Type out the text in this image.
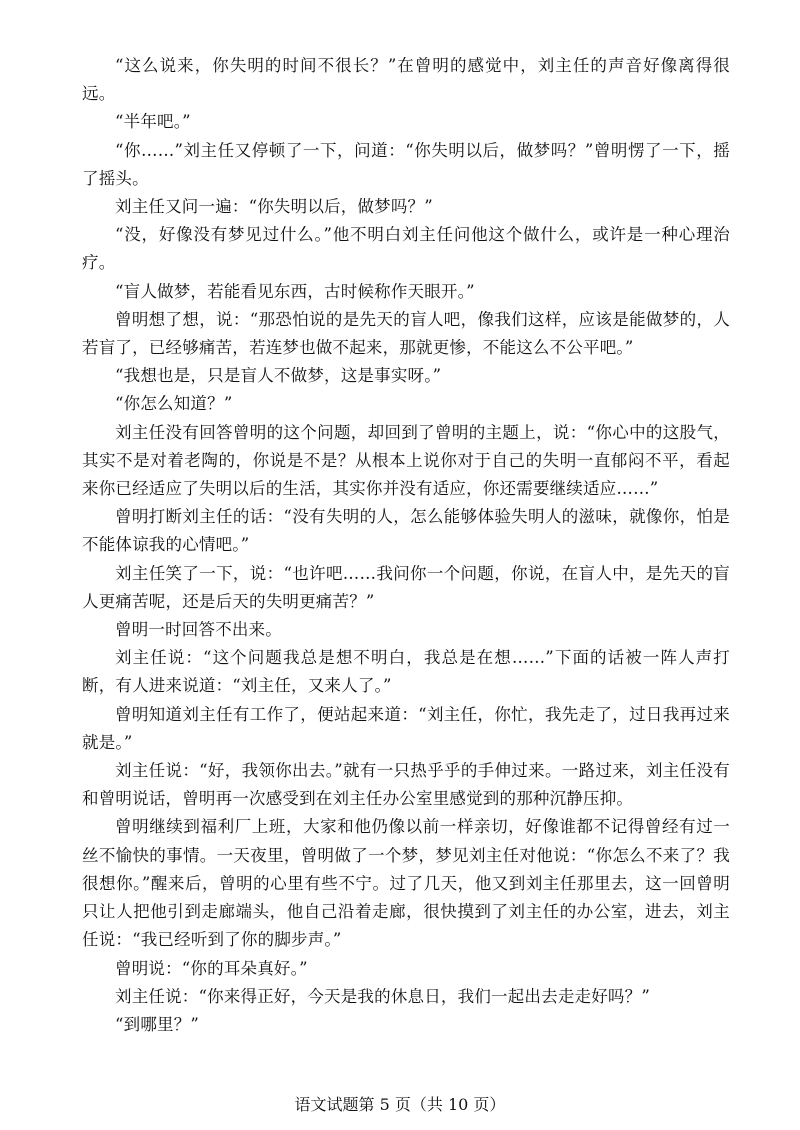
“这么说来，你失明的时间不很长？”在曾明的感觉中，刘主任的声音好像离得很远。

“半年吧。”

“你……”刘主任又停顿了一下，问道：“你失明以后，做梦吗？”曾明愣了一下，摇了摇头。

刘主任又问一遍：“你失明以后，做梦吗？”

“没，好像没有梦见过什么。”他不明白刘主任问他这个做什么，或许是一种心理治疗。

“盲人做梦，若能看见东西，古时候称作天眼开。”

曾明想了想，说：“那恐怕说的是先天的盲人吧，像我们这样，应该是能做梦的，人若盲了，已经够痛苦，若连梦也做不起来，那就更惨，不能这么不公平吧。”

“我想也是，只是盲人不做梦，这是事实呀。”

“你怎么知道？”

刘主任没有回答曾明的这个问题，却回到了曾明的主题上，说：“你心中的这股气，其实不是对着老陶的，你说是不是？从根本上说你对于自己的失明一直郁闷不平，看起来你已经适应了失明以后的生活，其实你并没有适应，你还需要继续适应……”

曾明打断刘主任的话：“没有失明的人，怎么能够体验失明人的滋味，就像你，怕是不能体谅我的心情吧。”

刘主任笑了一下，说：“也许吧……我问你一个问题，你说，在盲人中，是先天的盲人更痛苦呢，还是后天的失明更痛苦？”

曾明一时回答不出来。

刘主任说：“这个问题我总是想不明白，我总是在想……”下面的话被一阵人声打断，有人进来说道：“刘主任，又来人了。”

曾明知道刘主任有工作了，便站起来道：“刘主任，你忙，我先走了，过日我再过来就是。”

刘主任说：“好，我领你出去。”就有一只热乎乎的手伸过来。一路过来，刘主任没有和曾明说话，曾明再一次感受到在刘主任办公室里感觉到的那种沉静压抑。

曾明继续到福利厂上班，大家和他仍像以前一样亲切，好像谁都不记得曾经有过一丝不愉快的事情。一天夜里，曾明做了一个梦，梦见刘主任对他说：“你怎么不来了？我很想你。”醒来后，曾明的心里有些不宁。过了几天，他又到刘主任那里去，这一回曾明只让人把他引到走廊端头，他自己沿着走廊，很快摸到了刘主任的办公室，进去，刘主任说：“我已经听到了你的脚步声。”

曾明说：“你的耳朵真好。”

刘主任说：“你来得正好，今天是我的休息日，我们一起出去走走好吗？”

“到哪里？”

语文试题第 5 页（共 10 页）
